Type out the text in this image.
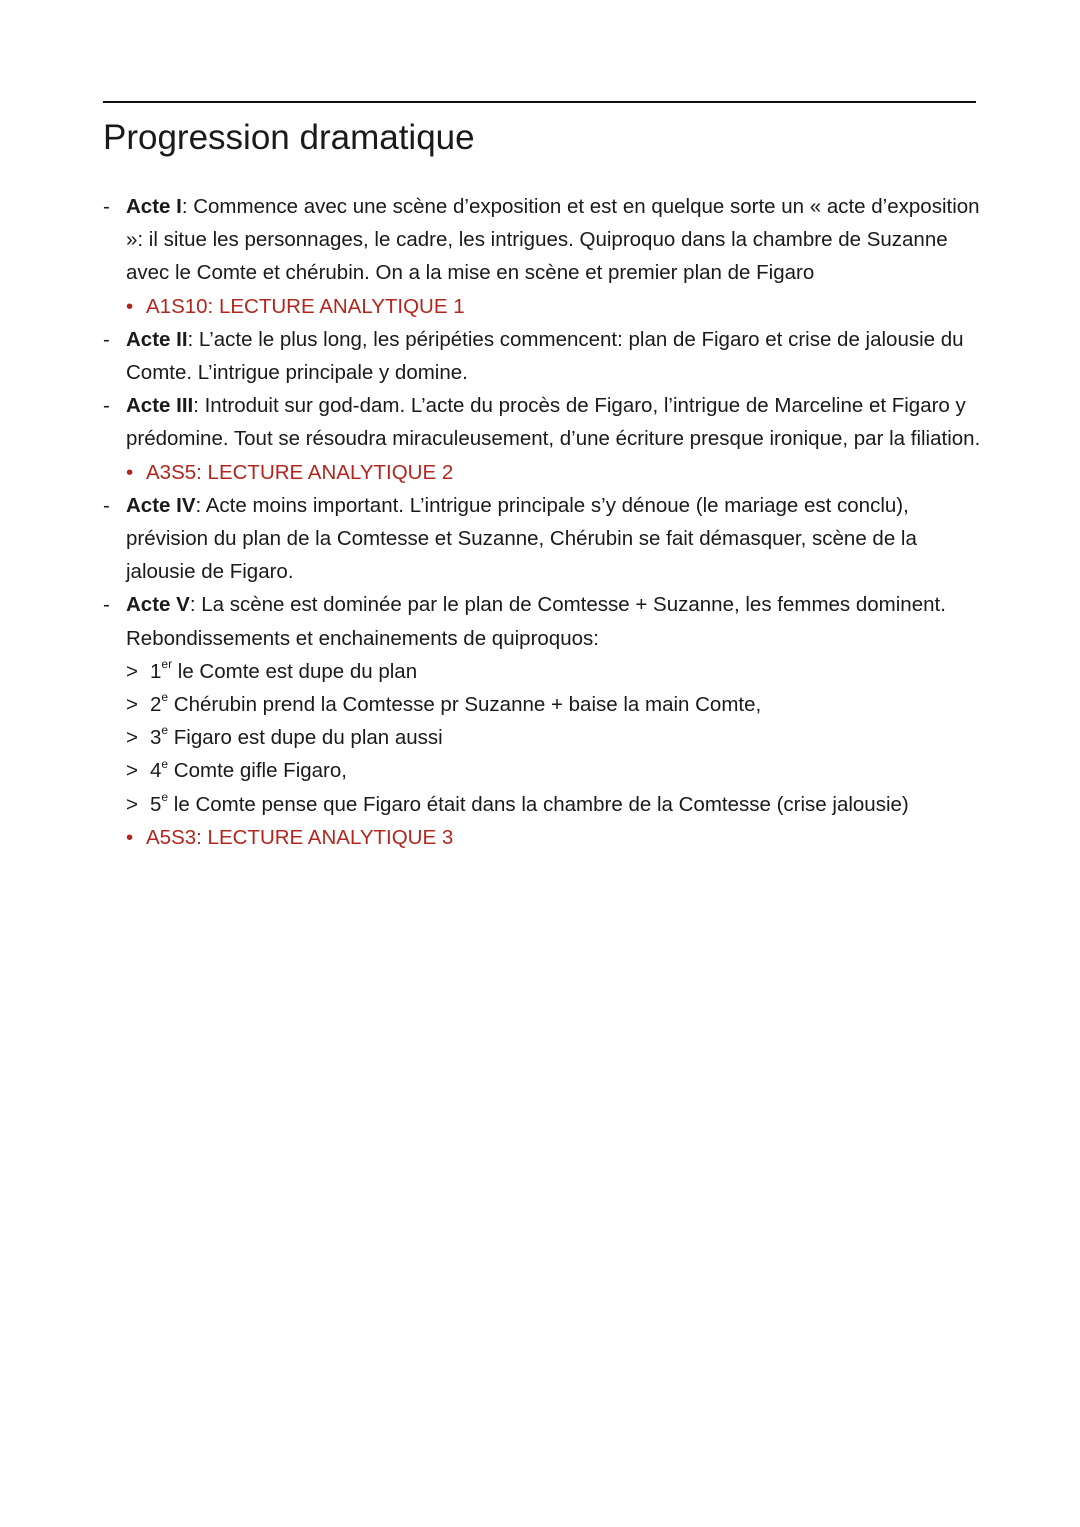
Progression dramatique
- Acte I: Commence avec une scène d’exposition et est en quelque sorte un « acte d’exposition »: il situe les personnages, le cadre, les intrigues. Quiproquo dans la chambre de Suzanne avec le Comte et chérubin. On a la mise en scène et premier plan de Figaro
• A1S10: LECTURE ANALYTIQUE 1
- Acte II: L’acte le plus long, les péripéties commencent: plan de Figaro et crise de jalousie du Comte. L’intrigue principale y domine.
- Acte III: Introduit sur god-dam. L’acte du procès de Figaro, l’intrigue de Marceline et Figaro y prédomine. Tout se résoudra miraculeusement, d’une écriture presque ironique, par la filiation.
• A3S5: LECTURE ANALYTIQUE 2
- Acte IV: Acte moins important. L’intrigue principale s’y dénoue (le mariage est conclu), prévision du plan de la Comtesse et Suzanne, Chérubin se fait démasquer, scène de la jalousie de Figaro.
- Acte V: La scène est dominée par le plan de Comtesse + Suzanne, les femmes dominent. Rebondissements et enchainements de quiproquos:
> 1er le Comte est dupe du plan
> $2^e$ Chérubin prend la Comtesse pr Suzanne + baise la main Comte,
> $3^e$ Figaro est dupe du plan aussi
> $4^e$ Comte gifle Figaro,
> $5^e$ le Comte pense que Figaro était dans la chambre de la Comtesse (crise jalousie)
• A5S3: LECTURE ANALYTIQUE 3
